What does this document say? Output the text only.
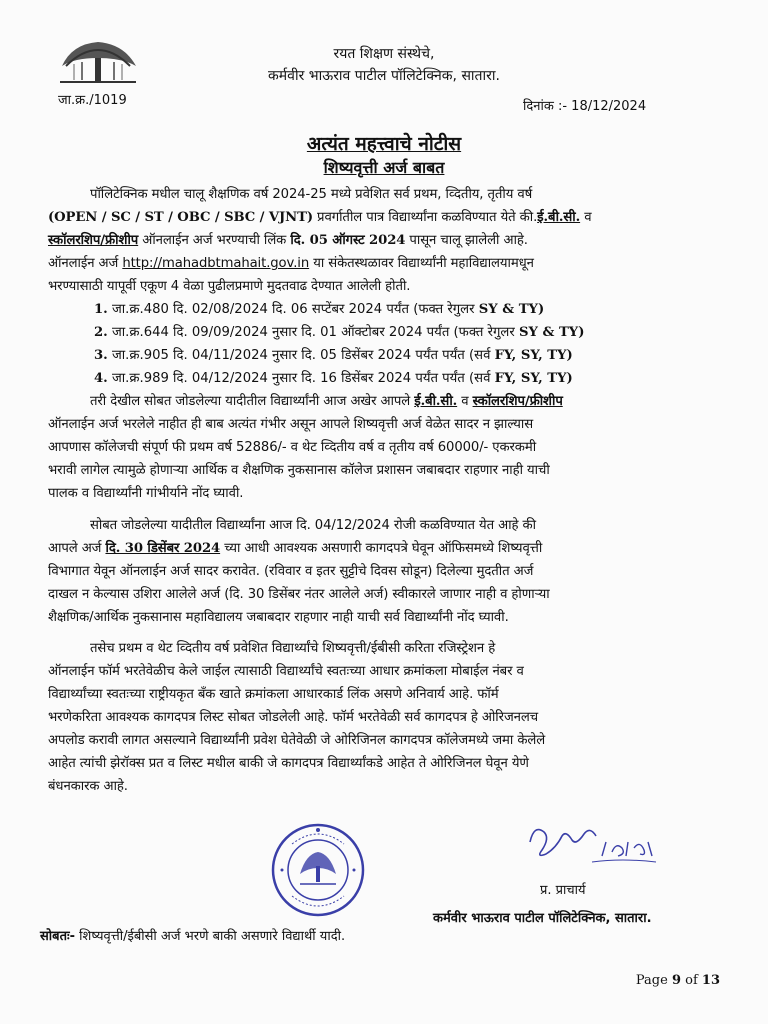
रयत शिक्षण संस्थेचे,
कर्मवीर भाऊराव पाटील पॉलिटेक्निक, सातारा.
जा.क्र./1019	दिनांक :- 18/12/2024
अत्यंत महत्त्वाचे नोटीस
शिष्यवृत्ती अर्ज बाबत
पॉलिटेक्निक मधील चालू शैक्षणिक वर्ष 2024-25 मध्ये प्रवेशित सर्व प्रथम, व्दितीय, तृतीय वर्ष
(OPEN / SC / ST / OBC / SBC / VJNT) प्रवर्गातील पात्र विद्यार्थ्यांना कळविण्यात येते की.ई.बी.सी. व
स्कॉलरशिप/फ्रीशीप ऑनलाईन अर्ज भरण्याची लिंक दि. 05 ऑगस्ट 2024 पासून चालू झालेली आहे.
ऑनलाईन अर्ज http://mahadbtmahait.gov.in या संकेतस्थळावर विद्यार्थ्यांनी महाविद्यालयामधून
भरण्यासाठी यापूर्वी एकूण 4 वेळा पुढीलप्रमाणे मुदतवाढ देण्यात आलेली होती.
1. जा.क्र.480 दि. 02/08/2024 दि. 06 सप्टेंबर 2024 पर्यंत (फक्त रेगुलर SY & TY)
2. जा.क्र.644 दि. 09/09/2024 नुसार दि. 01 ऑक्टोबर 2024 पर्यंत (फक्त रेगुलर SY & TY)
3. जा.क्र.905 दि. 04/11/2024 नुसार दि. 05 डिसेंबर 2024 पर्यंत पर्यंत (सर्व FY, SY, TY)
4. जा.क्र.989 दि. 04/12/2024 नुसार दि. 16 डिसेंबर 2024 पर्यंत पर्यंत (सर्व FY, SY, TY)
तरी देखील सोबत जोडलेल्या यादीतील विद्यार्थ्यांनी आज अखेर आपले ई.बी.सी. व स्कॉलरशिप/फ्रीशीप
ऑनलाईन अर्ज भरलेले नाहीत ही बाब अत्यंत गंभीर असून आपले शिष्यवृत्ती अर्ज वेळेत सादर न झाल्यास
आपणास कॉलेजची संपूर्ण फी प्रथम वर्ष 52886/- व थेट व्दितीय वर्ष व तृतीय वर्ष 60000/- एकरकमी
भरावी लागेल त्यामुळे होणाऱ्या आर्थिक व शैक्षणिक नुकसानास कॉलेज प्रशासन जबाबदार राहणार नाही याची
पालक व विद्यार्थ्यांनी गांभीर्याने नोंद घ्यावी.
सोबत जोडलेल्या यादीतील विद्यार्थ्यांना आज दि. 04/12/2024 रोजी कळविण्यात येत आहे की
आपले अर्ज दि. 30 डिसेंबर 2024 च्या आधी आवश्यक असणारी कागदपत्रे घेवून ऑफिसमध्ये शिष्यवृत्ती
विभागात येवून ऑनलाईन अर्ज सादर करावेत. (रविवार व इतर सुट्टीचे दिवस सोडून) दिलेल्या मुदतीत अर्ज
दाखल न केल्यास उशिरा आलेले अर्ज (दि. 30 डिसेंबर नंतर आलेले अर्ज) स्वीकारले जाणार नाही व होणाऱ्या
शैक्षणिक/आर्थिक नुकसानास महाविद्यालय जबाबदार राहणार नाही याची सर्व विद्यार्थ्यांनी नोंद घ्यावी.
तसेच प्रथम व थेट व्दितीय वर्ष प्रवेशित विद्यार्थ्यांचे शिष्यवृत्ती/ईबीसी करिता रजिस्ट्रेशन हे
ऑनलाईन फॉर्म भरतेवेळीच केले जाईल त्यासाठी विद्यार्थ्यांचे स्वतःच्या आधार क्रमांकला मोबाईल नंबर व
विद्यार्थ्यांच्या स्वतःच्या राष्ट्रीयकृत बँक खाते क्रमांकला आधारकार्ड लिंक असणे अनिवार्य आहे. फॉर्म
भरणेकरिता आवश्यक कागदपत्र लिस्ट सोबत जोडलेली आहे. फॉर्म भरतेवेळी सर्व कागदपत्र हे ओरिजनलच
अपलोड करावी लागत असल्याने विद्यार्थ्यांनी प्रवेश घेतेवेळी जे ओरिजिनल कागदपत्र कॉलेजमध्ये जमा केलेले
आहेत त्यांची झेरॉक्स प्रत व लिस्ट मधील बाकी जे कागदपत्र विद्यार्थ्यांकडे आहेत ते ओरिजिनल घेवून येणे
बंधनकारक आहे.
प्र. प्राचार्य
कर्मवीर भाऊराव पाटील पॉलिटेक्निक, सातारा.
सोबतः- शिष्यवृत्ती/ईबीसी अर्ज भरणे बाकी असणारे विद्यार्थी यादी.
Page 9 of 13
